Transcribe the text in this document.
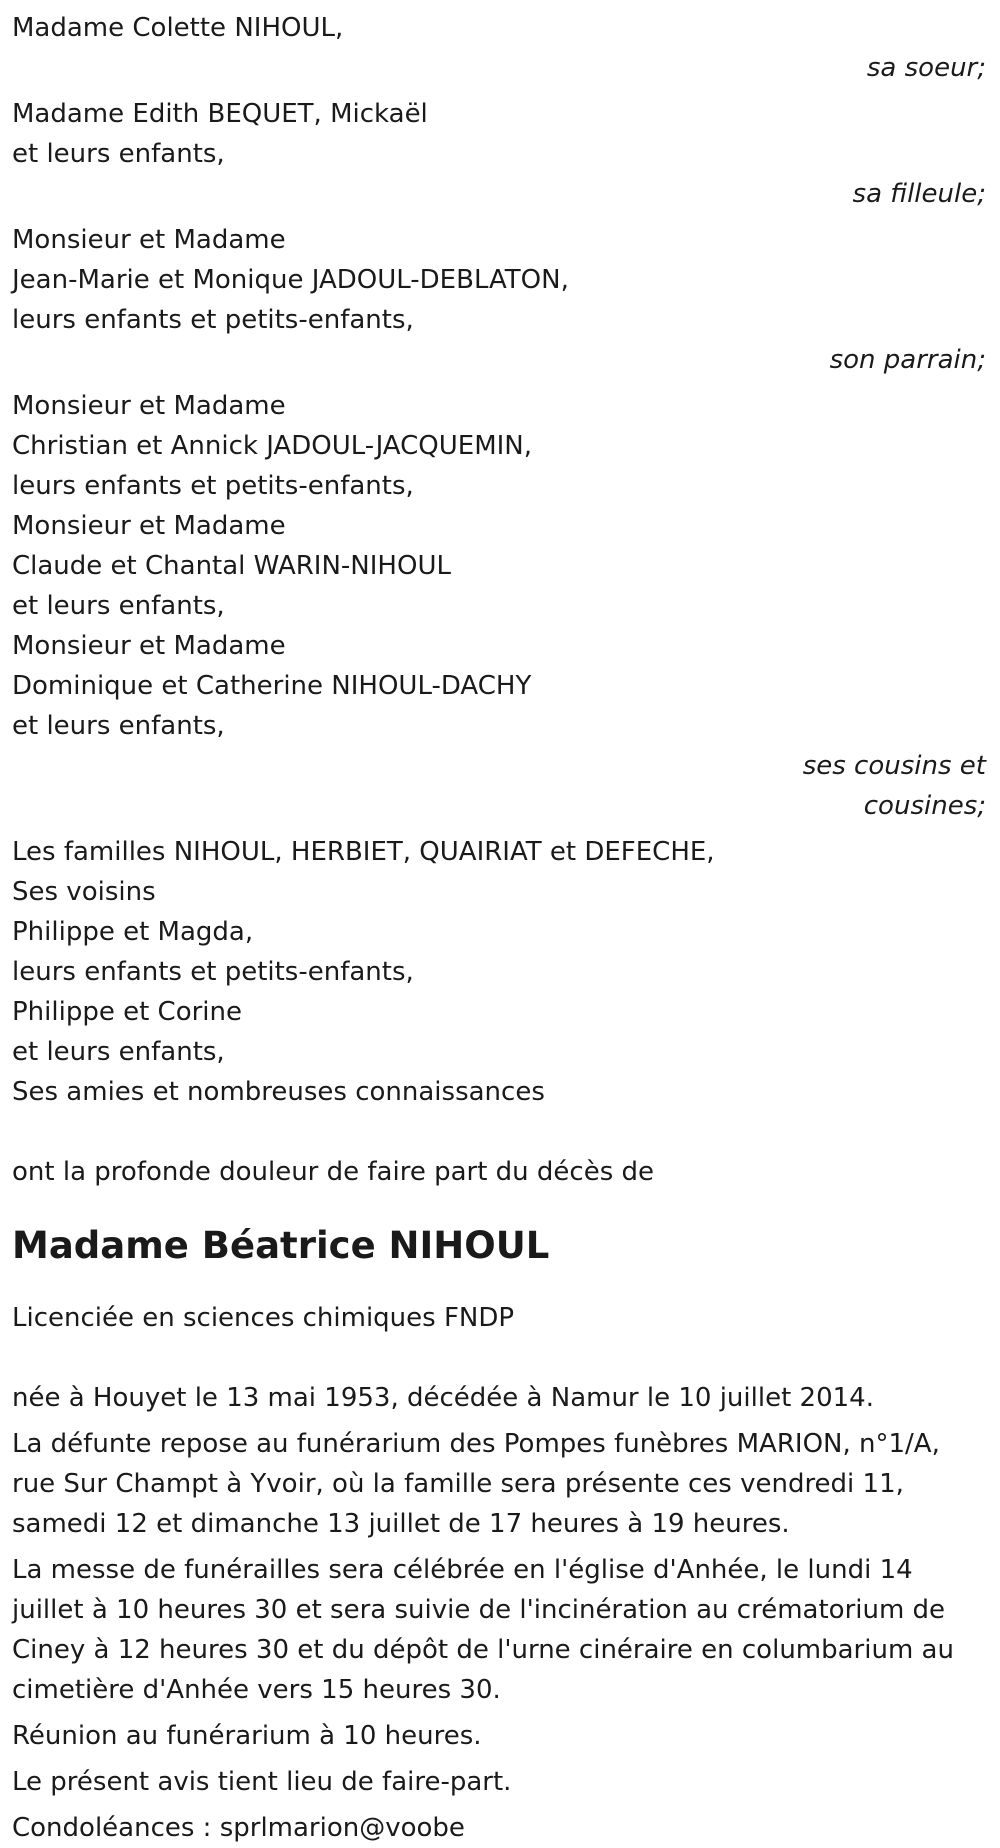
Madame Colette NIHOUL,
sa soeur;
Madame Edith BEQUET, Mickaël
et leurs enfants,
sa filleule;
Monsieur et Madame
Jean-Marie et Monique JADOUL-DEBLATON,
leurs enfants et petits-enfants,
son parrain;
Monsieur et Madame
Christian et Annick JADOUL-JACQUEMIN,
leurs enfants et petits-enfants,
Monsieur et Madame
Claude et Chantal WARIN-NIHOUL
et leurs enfants,
Monsieur et Madame
Dominique et Catherine NIHOUL-DACHY
et leurs enfants,
ses cousins et
cousines;
Les familles NIHOUL, HERBIET, QUAIRIAT et DEFECHE,
Ses voisins
Philippe et Magda,
leurs enfants et petits-enfants,
Philippe et Corine
et leurs enfants,
Ses amies et nombreuses connaissances

ont la profonde douleur de faire part du décès de

Madame Béatrice NIHOUL

Licenciée en sciences chimiques FNDP

née à Houyet le 13 mai 1953, décédée à Namur le 10 juillet 2014.

La défunte repose au funérarium des Pompes funèbres MARION, n°1/A,
rue Sur Champt à Yvoir, où la famille sera présente ces vendredi 11,
samedi 12 et dimanche 13 juillet de 17 heures à 19 heures.
La messe de funérailles sera célébrée en l'église d'Anhée, le lundi 14
juillet à 10 heures 30 et sera suivie de l'incinération au crématorium de
Ciney à 12 heures 30 et du dépôt de l'urne cinéraire en columbarium au
cimetière d'Anhée vers 15 heures 30.

Réunion au funérarium à 10 heures.

Le présent avis tient lieu de faire-part.

Condoléances : sprlmarion@voobe
